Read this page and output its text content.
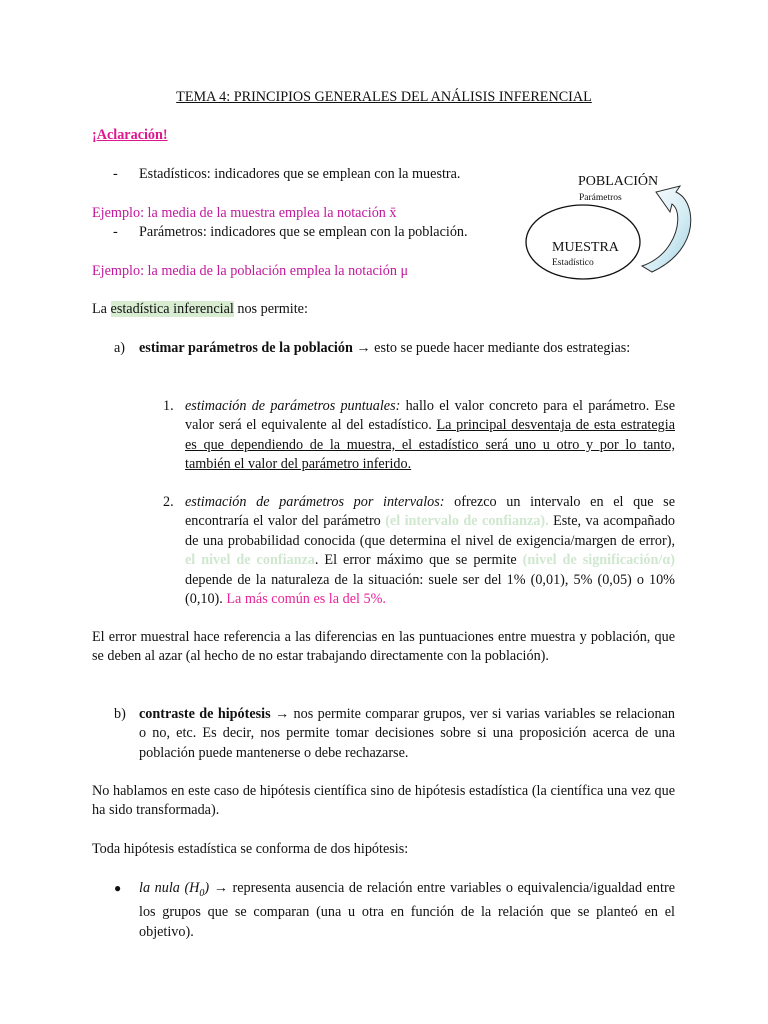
TEMA 4: PRINCIPIOS GENERALES DEL ANÁLISIS INFERENCIAL
¡Aclaración!
- Estadísticos: indicadores que se emplean con la muestra.
Ejemplo: la media de la muestra emplea la notación x̄
- Parámetros: indicadores que se emplean con la población.
Ejemplo: la media de la población emplea la notación μ
POBLACIÓN
Parámetros
MUESTRA
Estadístico
La estadística inferencial nos permite:
a) estimar parámetros de la población → esto se puede hacer mediante dos estrategias:
1. estimación de parámetros puntuales: hallo el valor concreto para el parámetro. Ese valor será el equivalente al del estadístico. La principal desventaja de esta estrategia es que dependiendo de la muestra, el estadístico será uno u otro y por lo tanto, también el valor del parámetro inferido.
2. estimación de parámetros por intervalos: ofrezco un intervalo en el que se encontraría el valor del parámetro (el intervalo de confianza). Este, va acompañado de una probabilidad conocida (que determina el nivel de exigencia/margen de error), el nivel de confianza. El error máximo que se permite (nivel de significación/α) depende de la naturaleza de la situación: suele ser del 1% (0,01), 5% (0,05) o 10% (0,10). La más común es la del 5%.
El error muestral hace referencia a las diferencias en las puntuaciones entre muestra y población, que se deben al azar (al hecho de no estar trabajando directamente con la población).
b) contraste de hipótesis → nos permite comparar grupos, ver si varias variables se relacionan o no, etc. Es decir, nos permite tomar decisiones sobre si una proposición acerca de una población puede mantenerse o debe rechazarse.
No hablamos en este caso de hipótesis científica sino de hipótesis estadística (la científica una vez que ha sido transformada).
Toda hipótesis estadística se conforma de dos hipótesis:
● la nula $(H_0)$ → representa ausencia de relación entre variables o equivalencia/igualdad entre los grupos que se comparan (una u otra en función de la relación que se planteó en el objetivo).
